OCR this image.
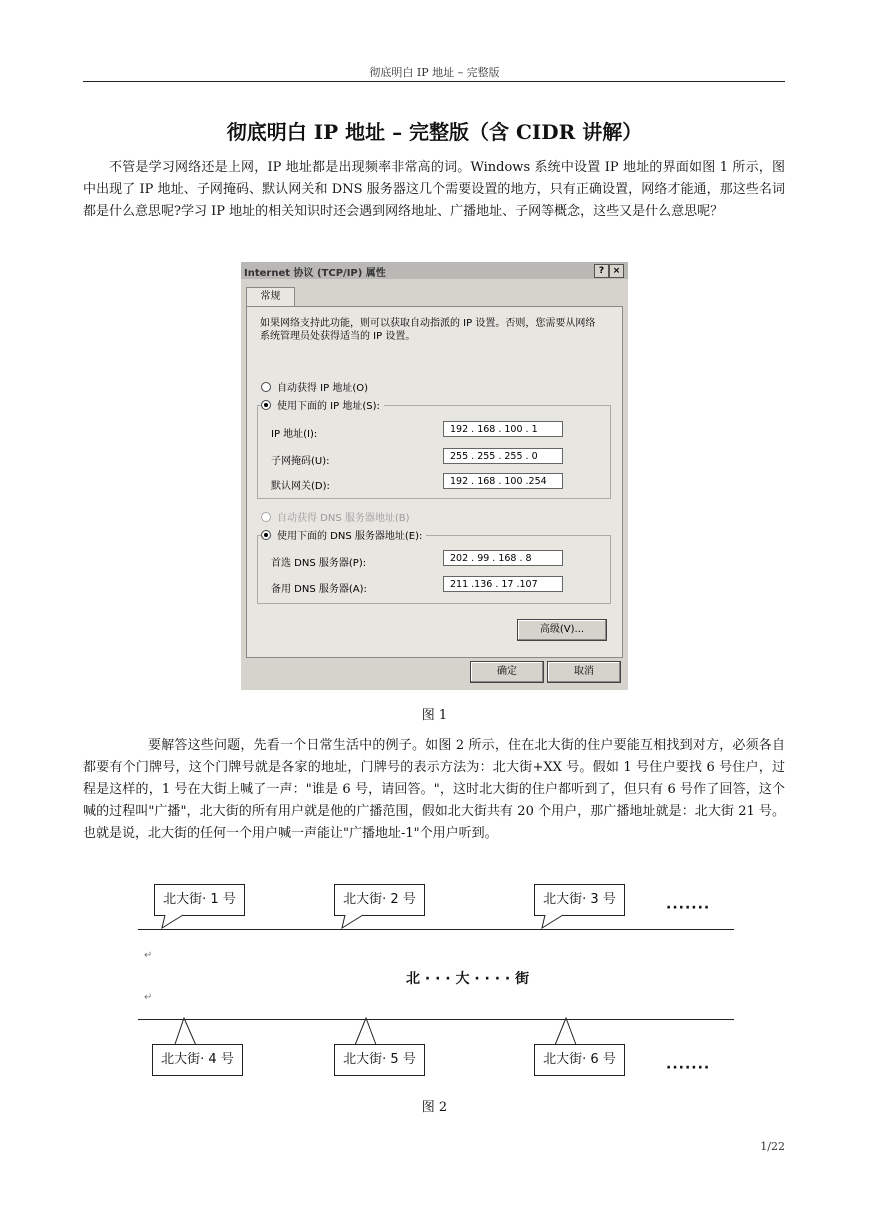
彻底明白 IP 地址 – 完整版
彻底明白 IP 地址 – 完整版（含 CIDR 讲解）
不管是学习网络还是上网，IP 地址都是出现频率非常高的词。Windows 系统中设置 IP 地址的界面如图 1 所示，图中出现了 IP 地址、子网掩码、默认网关和 DNS 服务器这几个需要设置的地方，只有正确设置，网络才能通，那这些名词都是什么意思呢?学习 IP 地址的相关知识时还会遇到网络地址、广播地址、子网等概念，这些又是什么意思呢？
Internet 协议 (TCP/IP) 属性	? ×
常规
如果网络支持此功能，则可以获取自动指派的 IP 设置。否则，您需要从网络系统管理员处获得适当的 IP 设置。
自动获得 IP 地址(O)
使用下面的 IP 地址(S):
IP 地址(I):	192 . 168 . 100 . 1
子网掩码(U):	255 . 255 . 255 . 0
默认网关(D):	192 . 168 . 100 .254
自动获得 DNS 服务器地址(B)
使用下面的 DNS 服务器地址(E):
首选 DNS 服务器(P):	202 . 99 . 168 . 8
备用 DNS 服务器(A):	211 .136 . 17 .107
高级(V)...
确定	取消
图 1
要解答这些问题，先看一个日常生活中的例子。如图 2 所示，住在北大街的住户要能互相找到对方，必须各自都要有个门牌号，这个门牌号就是各家的地址，门牌号的表示方法为：北大街+XX 号。假如 1 号住户要找 6 号住户，过程是这样的，1 号在大街上喊了一声："谁是 6 号，请回答。"，这时北大街的住户都听到了，但只有 6 号作了回答，这个喊的过程叫"广播"，北大街的所有用户就是他的广播范围，假如北大街共有 20 个用户，那广播地址就是：北大街 21 号。也就是说，北大街的任何一个用户喊一声能让"广播地址-1"个用户听到。
北大街· 1 号	北大街· 2 号	北大街· 3 号
·······
↵
北 · · · 大 · · · · 街
↵
北大街· 4 号	北大街· 5 号	北大街· 6 号
·······
图 2
1/22
